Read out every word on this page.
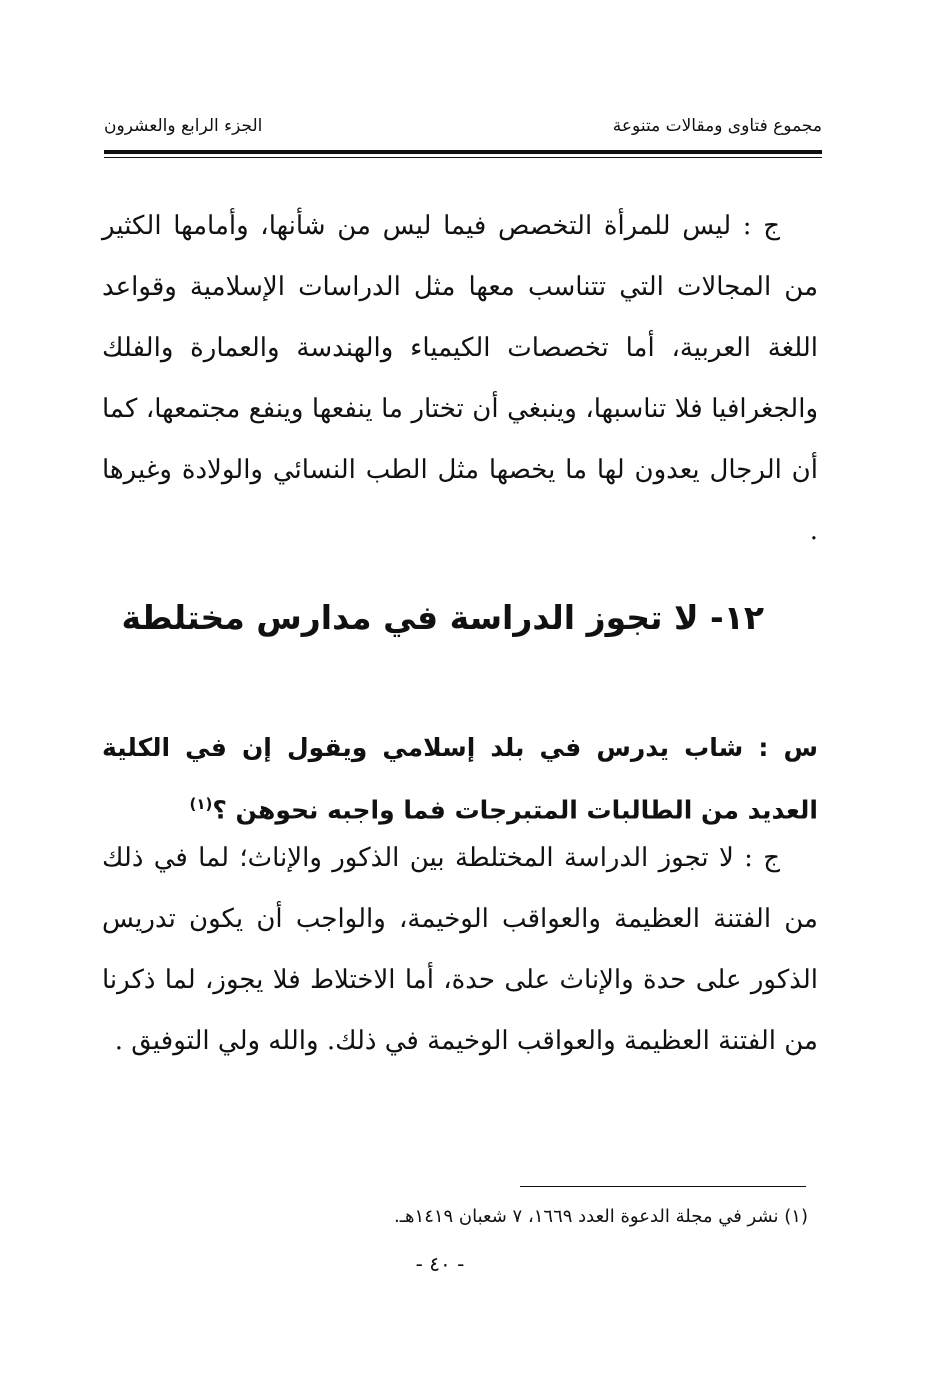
مجموع فتاوى ومقالات متنوعة
الجزء الرابع والعشرون

ج : ليس للمرأة التخصص فيما ليس من شأنها، وأمامها الكثير من المجالات التي تتناسب معها مثل الدراسات الإسلامية وقواعد اللغة العربية، أما تخصصات الكيمياء والهندسة والعمارة والفلك والجغرافيا فلا تناسبها، وينبغي أن تختار ما ينفعها وينفع مجتمعها، كما أن الرجال يعدون لها ما يخصها مثل الطب النسائي والولادة وغيرها .

١٢- لا تجوز الدراسة في مدارس مختلطة

س : شاب يدرس في بلد إسلامي ويقول إن في الكلية العديد من الطالبات المتبرجات فما واجبه نحوهن ؟$^{(١)}$

ج : لا تجوز الدراسة المختلطة بين الذكور والإناث؛ لما في ذلك من الفتنة العظيمة والعواقب الوخيمة، والواجب أن يكون تدريس الذكور على حدة والإناث على حدة، أما الاختلاط فلا يجوز، لما ذكرنا من الفتنة العظيمة والعواقب الوخيمة في ذلك. والله ولي التوفيق .

(١) نشر في مجلة الدعوة العدد ١٦٦٩، ٧ شعبان ١٤١٩هـ.
- ٤٠ -
